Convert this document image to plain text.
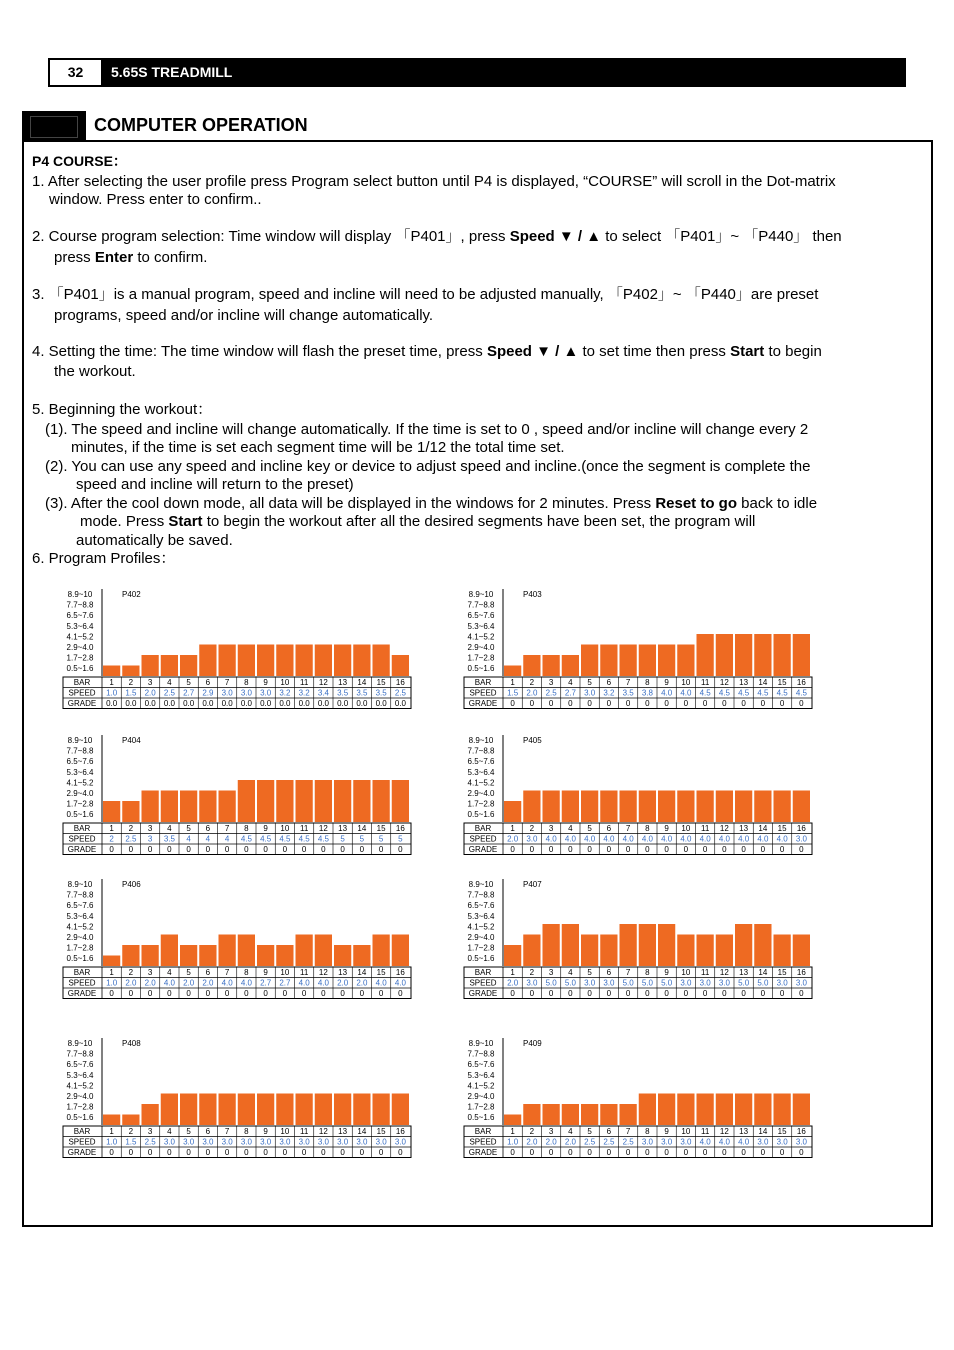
32	5.65S TREADMILL
COMPUTER OPERATION
P4 COURSE：
1. After selecting the user profile press Program select button until P4 is displayed, “COURSE” will scroll in the Dot-matrix
window. Press enter to confirm..
2. Course program selection: Time window will display 「P401」, press Speed ▼ / ▲ to select 「P401」~ 「P440」 then
press Enter to confirm.
3. 「P401」is a manual program, speed and incline will need to be adjusted manually, 「P402」~ 「P440」are preset
programs, speed and/or incline will change automatically.
4. Setting the time: The time window will flash the preset time, press Speed ▼ / ▲ to set time then press Start to begin
the workout.
5. Beginning the workout：
(1). The speed and incline will change automatically. If the time is set to 0 , speed and/or incline will change every 2
minutes, if the time is set each segment time will be 1/12 the total time set.
(2). You can use any speed and incline key or device to adjust speed and incline.(once the segment is complete the
speed and incline will return to the preset)
(3). After the cool down mode, all data will be displayed in the windows for 2 minutes. Press Reset to go back to idle
mode. Press Start to begin the workout after all the desired segments have been set, the program will
automatically be saved.
6. Program Profiles：
8.9~10
7.7~8.8
6.5~7.6
5.3~6.4
4.1~5.2
2.9~4.0
1.7~2.8
0.5~1.6
P402
BAR
SPEED
GRADE
1 2 3 4 5 6 7 8 9 10 11 12 13 14 15 16
1.0 1.5 2.0 2.5 2.7 2.9 3.0 3.0 3.0 3.2 3.2 3.4 3.5 3.5 3.5 2.5
0.0 0.0 0.0 0.0 0.0 0.0 0.0 0.0 0.0 0.0 0.0 0.0 0.0 0.0 0.0 0.0
8.9~10
7.7~8.8
6.5~7.6
5.3~6.4
4.1~5.2
2.9~4.0
1.7~2.8
0.5~1.6
P403
BAR
SPEED
GRADE
1 2 3 4 5 6 7 8 9 10 11 12 13 14 15 16
1.5 2.0 2.5 2.7 3.0 3.2 3.5 3.8 4.0 4.0 4.5 4.5 4.5 4.5 4.5 4.5
0 0 0 0 0 0 0 0 0 0 0 0 0 0 0 0
8.9~10
7.7~8.8
6.5~7.6
5.3~6.4
4.1~5.2
2.9~4.0
1.7~2.8
0.5~1.6
P404
BAR
SPEED
GRADE
1 2 3 4 5 6 7 8 9 10 11 12 13 14 15 16
2 2.5 3 3.5 4 4 4 4.5 4.5 4.5 4.5 4.5 5 5 5 5
0 0 0 0 0 0 0 0 0 0 0 0 0 0 0 0
8.9~10
7.7~8.8
6.5~7.6
5.3~6.4
4.1~5.2
2.9~4.0
1.7~2.8
0.5~1.6
P405
BAR
SPEED
GRADE
1 2 3 4 5 6 7 8 9 10 11 12 13 14 15 16
2.0 3.0 4.0 4.0 4.0 4.0 4.0 4.0 4.0 4.0 4.0 4.0 4.0 4.0 4.0 3.0
0 0 0 0 0 0 0 0 0 0 0 0 0 0 0 0
8.9~10
7.7~8.8
6.5~7.6
5.3~6.4
4.1~5.2
2.9~4.0
1.7~2.8
0.5~1.6
P406
BAR
SPEED
GRADE
1 2 3 4 5 6 7 8 9 10 11 12 13 14 15 16
1.0 2.0 2.0 4.0 2.0 2.0 4.0 4.0 2.7 2.7 4.0 4.0 2.0 2.0 4.0 4.0
0 0 0 0 0 0 0 0 0 0 0 0 0 0 0 0
8.9~10
7.7~8.8
6.5~7.6
5.3~6.4
4.1~5.2
2.9~4.0
1.7~2.8
0.5~1.6
P407
BAR
SPEED
GRADE
1 2 3 4 5 6 7 8 9 10 11 12 13 14 15 16
2.0 3.0 5.0 5.0 3.0 3.0 5.0 5.0 5.0 3.0 3.0 3.0 5.0 5.0 3.0 3.0
0 0 0 0 0 0 0 0 0 0 0 0 0 0 0 0
8.9~10
7.7~8.8
6.5~7.6
5.3~6.4
4.1~5.2
2.9~4.0
1.7~2.8
0.5~1.6
P408
BAR
SPEED
GRADE
1 2 3 4 5 6 7 8 9 10 11 12 13 14 15 16
1.0 1.5 2.5 3.0 3.0 3.0 3.0 3.0 3.0 3.0 3.0 3.0 3.0 3.0 3.0 3.0
0 0 0 0 0 0 0 0 0 0 0 0 0 0 0 0
8.9~10
7.7~8.8
6.5~7.6
5.3~6.4
4.1~5.2
2.9~4.0
1.7~2.8
0.5~1.6
P409
BAR
SPEED
GRADE
1 2 3 4 5 6 7 8 9 10 11 12 13 14 15 16
1.0 2.0 2.0 2.0 2.5 2.5 2.5 3.0 3.0 3.0 4.0 4.0 4.0 3.0 3.0 3.0
0 0 0 0 0 0 0 0 0 0 0 0 0 0 0 0
